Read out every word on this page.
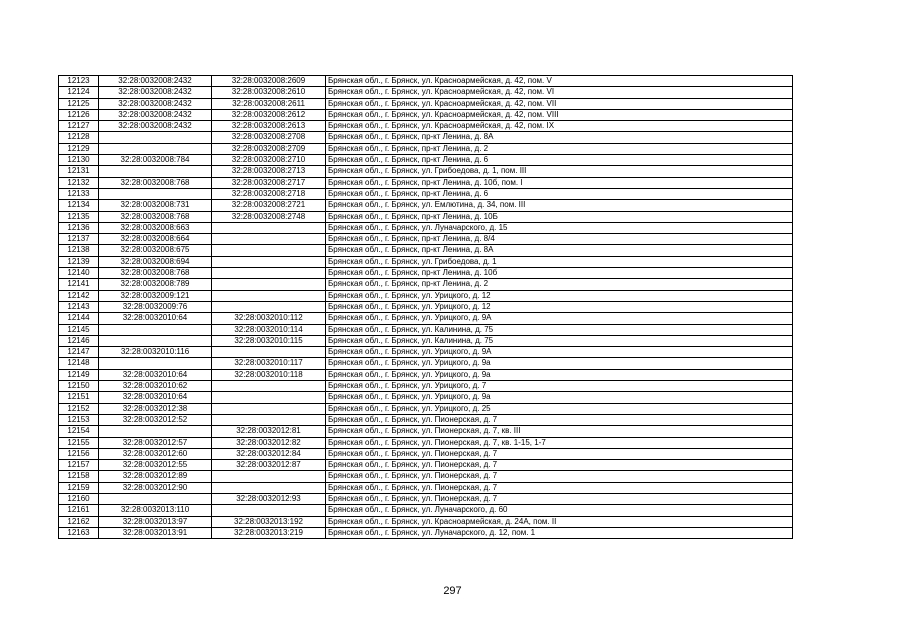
12123	32:28:0032008:2432	32:28:0032008:2609	Брянская обл., г. Брянск, ул. Красноармейская, д. 42, пом. V
12124	32:28:0032008:2432	32:28:0032008:2610	Брянская обл., г. Брянск, ул. Красноармейская, д. 42, пом. VI
12125	32:28:0032008:2432	32:28:0032008:2611	Брянская обл., г. Брянск, ул. Красноармейская, д. 42, пом. VII
12126	32:28:0032008:2432	32:28:0032008:2612	Брянская обл., г. Брянск, ул. Красноармейская, д. 42, пом. VIII
12127	32:28:0032008:2432	32:28:0032008:2613	Брянская обл., г. Брянск, ул. Красноармейская, д. 42, пом. IX
12128		32:28:0032008:2708	Брянская обл., г. Брянск, пр-кт Ленина, д. 8А
12129		32:28:0032008:2709	Брянская обл., г. Брянск, пр-кт Ленина, д. 2
12130	32:28:0032008:784	32:28:0032008:2710	Брянская обл., г. Брянск, пр-кт Ленина, д. 6
12131		32:28:0032008:2713	Брянская обл., г. Брянск, ул. Грибоедова, д. 1, пом. III
12132	32:28:0032008:768	32:28:0032008:2717	Брянская обл., г. Брянск, пр-кт Ленина, д. 10б, пом. I
12133		32:28:0032008:2718	Брянская обл., г. Брянск, пр-кт Ленина, д. 6
12134	32:28:0032008:731	32:28:0032008:2721	Брянская обл., г. Брянск, ул. Емлютина, д. 34, пом. III
12135	32:28:0032008:768	32:28:0032008:2748	Брянская обл., г. Брянск, пр-кт Ленина, д. 10Б
12136	32:28:0032008:663		Брянская обл., г. Брянск, ул. Луначарского, д. 15
12137	32:28:0032008:664		Брянская обл., г. Брянск, пр-кт Ленина, д. 8/4
12138	32:28:0032008:675		Брянская обл., г. Брянск, пр-кт Ленина, д. 8А
12139	32:28:0032008:694		Брянская обл., г. Брянск, ул. Грибоедова, д. 1
12140	32:28:0032008:768		Брянская обл., г. Брянск, пр-кт Ленина, д. 10б
12141	32:28:0032008:789		Брянская обл., г. Брянск, пр-кт Ленина, д. 2
12142	32:28:0032009:121		Брянская обл., г. Брянск, ул. Урицкого, д. 12
12143	32:28:0032009:76		Брянская обл., г. Брянск, ул. Урицкого, д. 12
12144	32:28:0032010:64	32:28:0032010:112	Брянская обл., г. Брянск, ул. Урицкого, д. 9А
12145		32:28:0032010:114	Брянская обл., г. Брянск, ул. Калинина, д. 75
12146		32:28:0032010:115	Брянская обл., г. Брянск, ул. Калинина, д. 75
12147	32:28:0032010:116		Брянская обл., г. Брянск, ул. Урицкого, д. 9А
12148		32:28:0032010:117	Брянская обл., г. Брянск, ул. Урицкого, д. 9а
12149	32:28:0032010:64	32:28:0032010:118	Брянская обл., г. Брянск, ул. Урицкого, д. 9а
12150	32:28:0032010:62		Брянская обл., г. Брянск, ул. Урицкого, д. 7
12151	32:28:0032010:64		Брянская обл., г. Брянск, ул. Урицкого, д. 9а
12152	32:28:0032012:38		Брянская обл., г. Брянск, ул. Урицкого, д. 25
12153	32:28:0032012:52		Брянская обл., г. Брянск, ул. Пионерская, д. 7
12154		32:28:0032012:81	Брянская обл., г. Брянск, ул. Пионерская, д. 7, кв. III
12155	32:28:0032012:57	32:28:0032012:82	Брянская обл., г. Брянск, ул. Пионерская, д. 7, кв. 1-15, 1-7
12156	32:28:0032012:60	32:28:0032012:84	Брянская обл., г. Брянск, ул. Пионерская, д. 7
12157	32:28:0032012:55	32:28:0032012:87	Брянская обл., г. Брянск, ул. Пионерская, д. 7
12158	32:28:0032012:89		Брянская обл., г. Брянск, ул. Пионерская, д. 7
12159	32:28:0032012:90		Брянская обл., г. Брянск, ул. Пионерская, д. 7
12160		32:28:0032012:93	Брянская обл., г. Брянск, ул. Пионерская, д. 7
12161	32:28:0032013:110		Брянская обл., г. Брянск, ул. Луначарского, д. 60
12162	32:28:0032013:97	32:28:0032013:192	Брянская обл., г. Брянск, ул. Красноармейская, д. 24А, пом. II
12163	32:28:0032013:91	32:28:0032013:219	Брянская обл., г. Брянск, ул. Луначарского, д. 12, пом. 1
297
